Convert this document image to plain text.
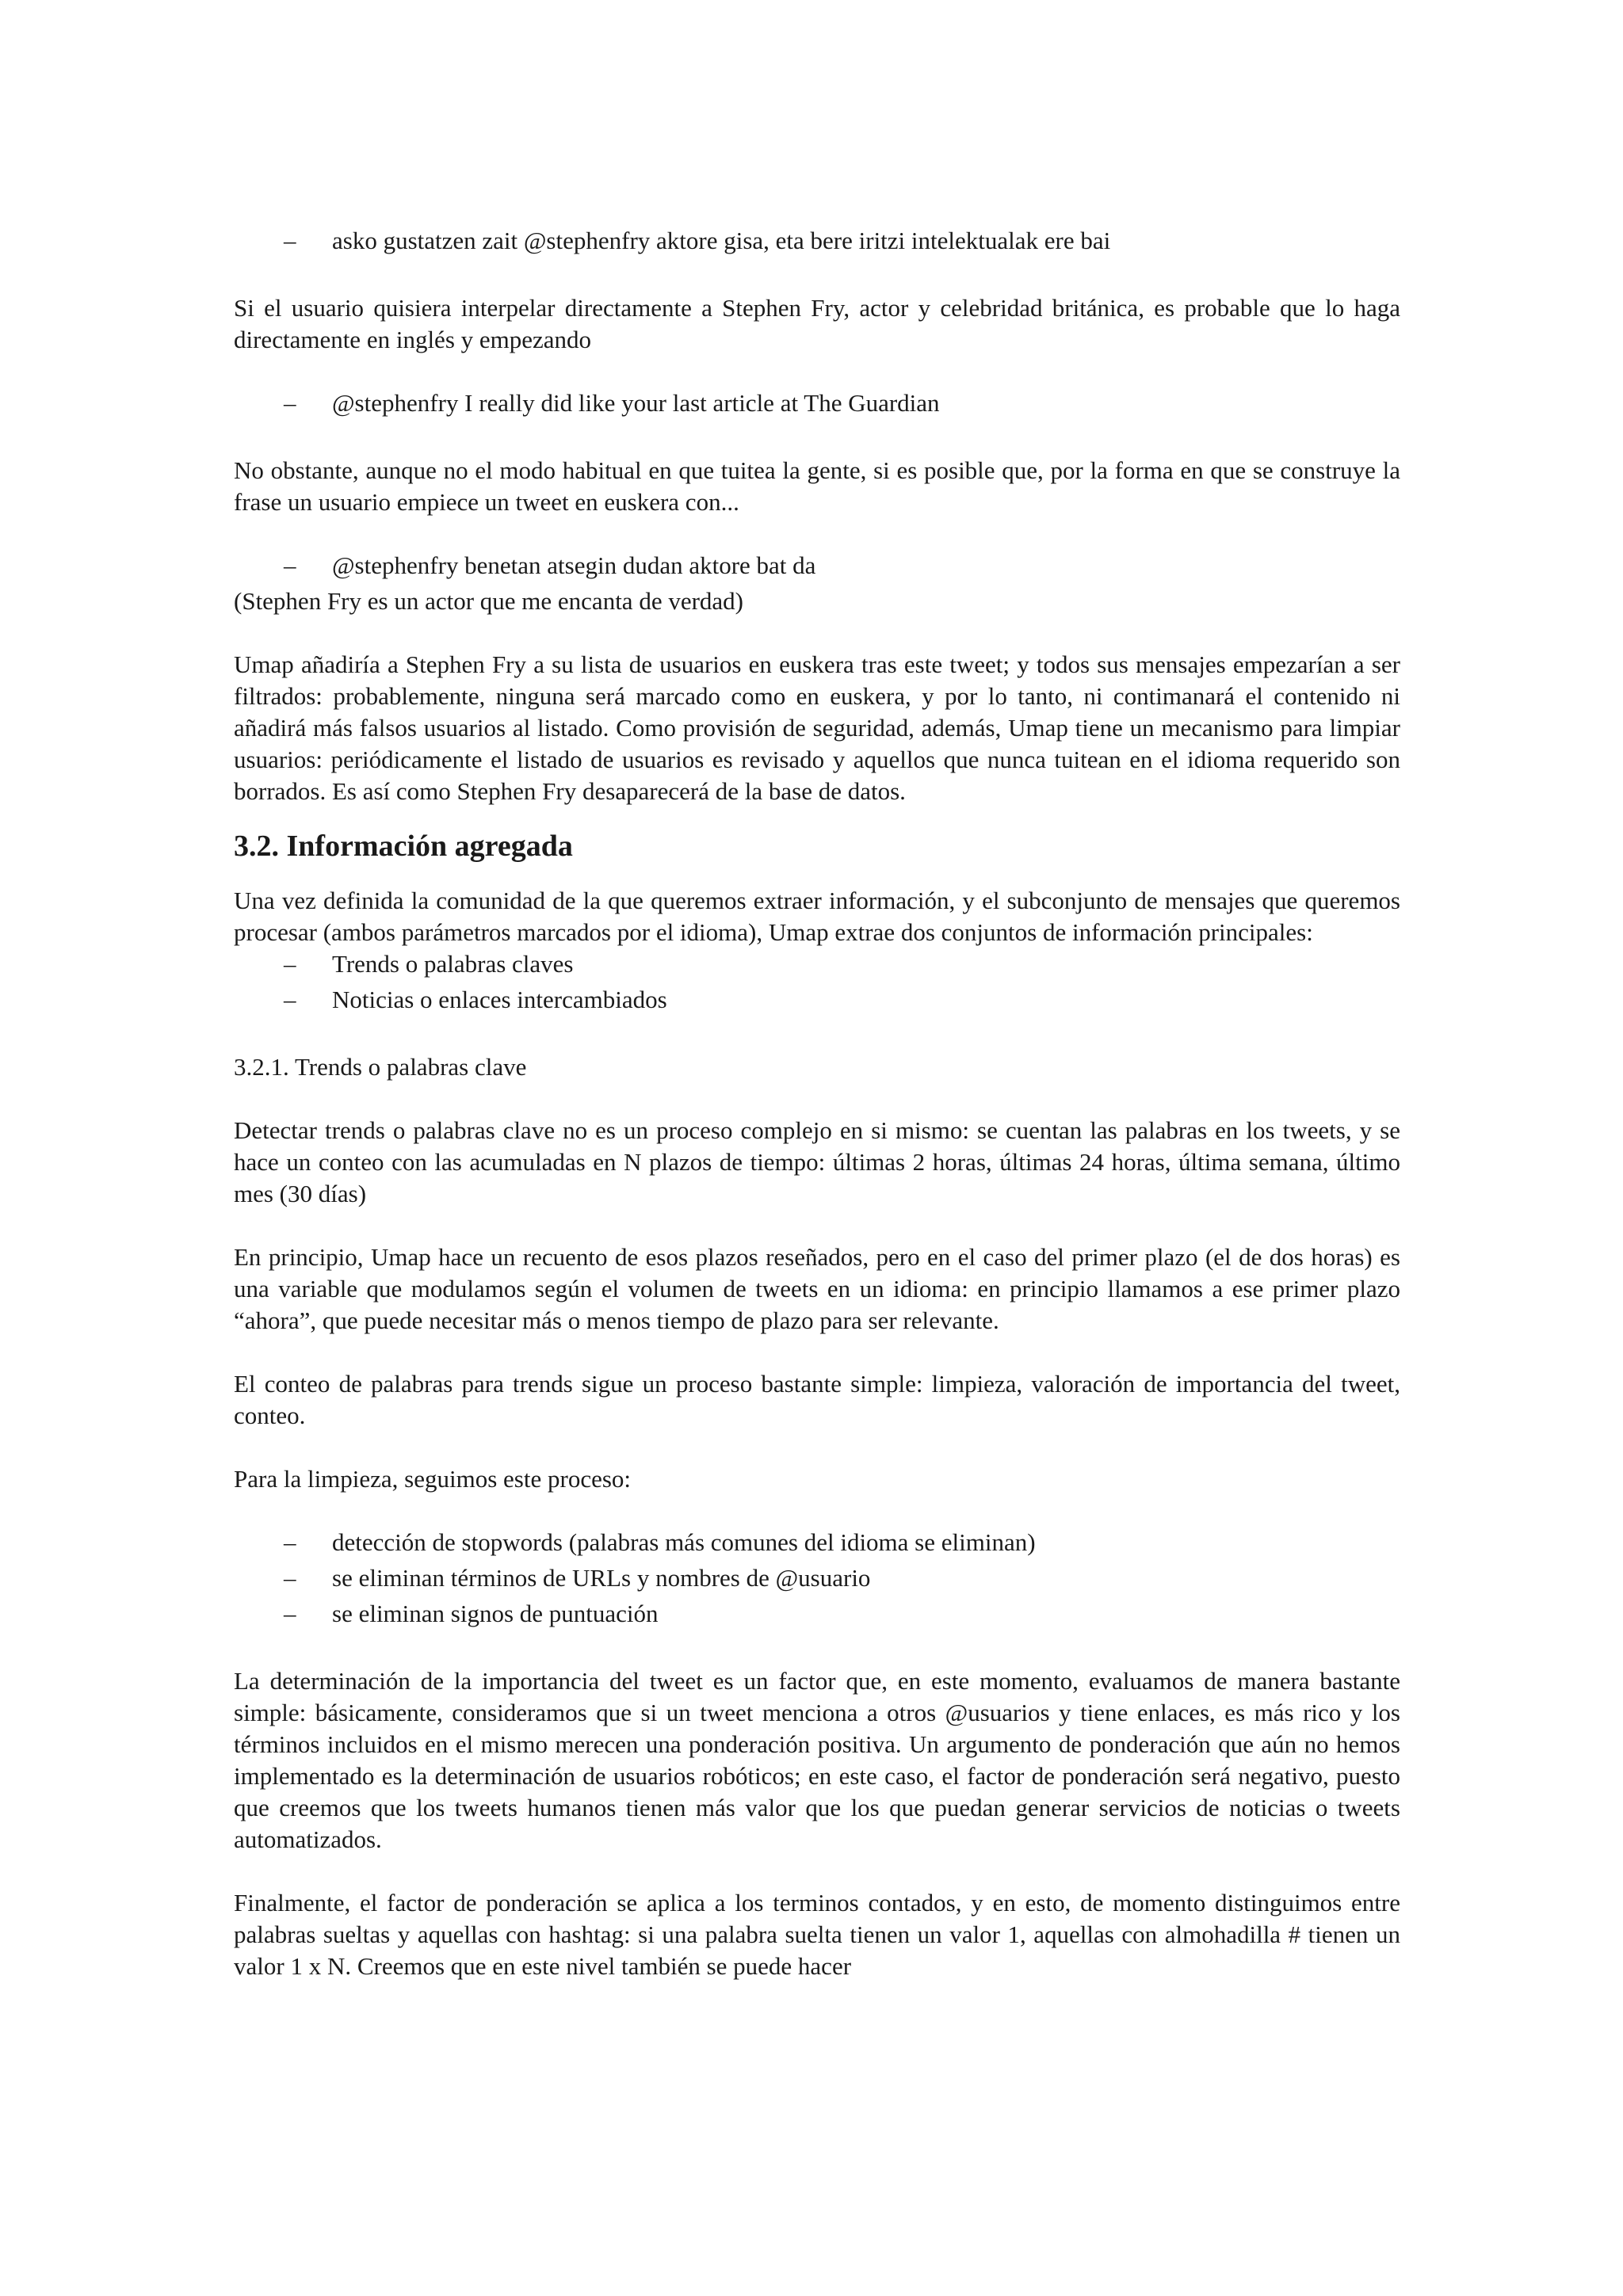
– asko gustatzen zait @stephenfry aktore gisa, eta bere iritzi intelektualak ere bai

Si el usuario quisiera interpelar directamente a Stephen Fry, actor y celebridad británica, es probable que lo haga directamente en inglés y empezando

– @stephenfry I really did like your last article at The Guardian

No obstante, aunque no el modo habitual en que tuitea la gente, si es posible que, por la forma en que se construye la frase un usuario empiece un tweet en euskera con...

– @stephenfry benetan atsegin dudan aktore bat da

(Stephen Fry es un actor que me encanta de verdad)

Umap añadiría a Stephen Fry a su lista de usuarios en euskera tras este tweet; y todos sus mensajes empezarían a ser filtrados: probablemente, ninguna será marcado como en euskera, y por lo tanto, ni contimanará el contenido ni añadirá más falsos usuarios al listado. Como provisión de seguridad, además, Umap tiene un mecanismo para limpiar usuarios: periódicamente el listado de usuarios es revisado y aquellos que nunca tuitean en el idioma requerido son borrados. Es así como Stephen Fry desaparecerá de la base de datos.

3.2. Información agregada

Una vez definida la comunidad de la que queremos extraer información, y el subconjunto de mensajes que queremos procesar (ambos parámetros marcados por el idioma), Umap extrae dos conjuntos de información principales:

– Trends o palabras claves
– Noticias o enlaces intercambiados

3.2.1. Trends o palabras clave

Detectar trends o palabras clave no es un proceso complejo en si mismo: se cuentan las palabras en los tweets, y se hace un conteo con las acumuladas en N plazos de tiempo: últimas 2 horas, últimas 24 horas, última semana, último mes (30 días)

En principio, Umap hace un recuento de esos plazos reseñados, pero en el caso del primer plazo (el de dos horas) es una variable que modulamos según el volumen de tweets en un idioma: en principio llamamos a ese primer plazo “ahora”, que puede necesitar más o menos tiempo de plazo para ser relevante.

El conteo de palabras para trends sigue un proceso bastante simple: limpieza, valoración de importancia del tweet, conteo.

Para la limpieza, seguimos este proceso:

– detección de stopwords (palabras más comunes del idioma se eliminan)
– se eliminan términos de URLs y nombres de @usuario
– se eliminan signos de puntuación

La determinación de la importancia del tweet es un factor que, en este momento, evaluamos de manera bastante simple: básicamente, consideramos que si un tweet menciona a otros @usuarios y tiene enlaces, es más rico y los términos incluidos en el mismo merecen una ponderación positiva. Un argumento de ponderación que aún no hemos implementado es la determinación de usuarios robóticos; en este caso, el factor de ponderación será negativo, puesto que creemos que los tweets humanos tienen más valor que los que puedan generar servicios de noticias o tweets automatizados.

Finalmente, el factor de ponderación se aplica a los terminos contados, y en esto, de momento distinguimos entre palabras sueltas y aquellas con hashtag: si una palabra suelta tienen un valor 1, aquellas con almohadilla # tienen un valor 1 x N. Creemos que en este nivel también se puede hacer
